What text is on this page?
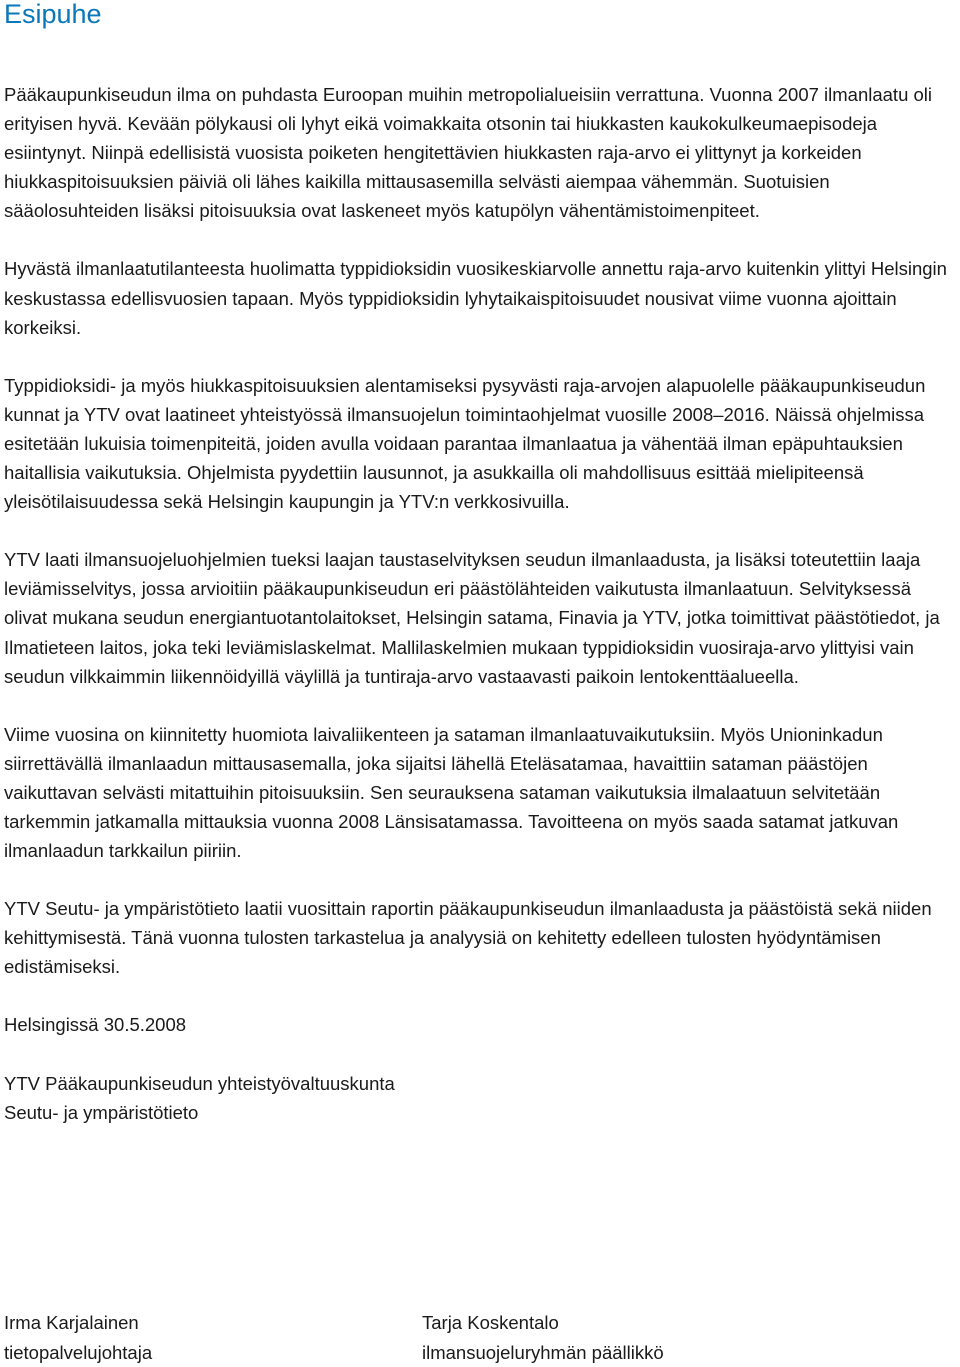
Esipuhe

Pääkaupunkiseudun ilma on puhdasta Euroopan muihin metropolialueisiin verrattuna. Vuonna 2007 ilmanlaatu oli erityisen hyvä. Kevään pölykausi oli lyhyt eikä voimakkaita otsonin tai hiukkasten kaukokulkeumaepisodeja esiintynyt. Niinpä edellisistä vuosista poiketen hengitettävien hiukkasten raja-arvo ei ylittynyt ja korkeiden hiukkaspitoisuuksien päiviä oli lähes kaikilla mittausasemilla selvästi aiempaa vähemmän. Suotuisien sääolosuhteiden lisäksi pitoisuuksia ovat laskeneet myös katupölyn vähentämistoimenpiteet.

Hyvästä ilmanlaatutilanteesta huolimatta typpidioksidin vuosikeskiarvolle annettu raja-arvo kuitenkin ylittyi Helsingin keskustassa edellisvuosien tapaan. Myös typpidioksidin lyhytaikaispitoisuudet nousivat viime vuonna ajoittain korkeiksi.

Typpidioksidi- ja myös hiukkaspitoisuuksien alentamiseksi pysyvästi raja-arvojen alapuolelle pääkaupunkiseudun kunnat ja YTV ovat laatineet yhteistyössä ilmansuojelun toimintaohjelmat vuosille 2008–2016. Näissä ohjelmissa esitetään lukuisia toimenpiteitä, joiden avulla voidaan parantaa ilmanlaatua ja vähentää ilman epäpuhtauksien haitallisia vaikutuksia. Ohjelmista pyydettiin lausunnot, ja asukkailla oli mahdollisuus esittää mielipiteensä yleisötilaisuudessa sekä Helsingin kaupungin ja YTV:n verkkosivuilla.

YTV laati ilmansuojeluohjelmien tueksi laajan taustaselvityksen seudun ilmanlaadusta, ja lisäksi toteutettiin laaja leviämisselvitys, jossa arvioitiin pääkaupunkiseudun eri päästölähteiden vaikutusta ilmanlaatuun. Selvityksessä olivat mukana seudun energiantuotantolaitokset, Helsingin satama, Finavia ja YTV, jotka toimittivat päästötiedot, ja Ilmatieteen laitos, joka teki leviämislaskelmat. Mallilaskelmien mukaan typpidioksidin vuosiraja-arvo ylittyisi vain seudun vilkkaimmin liikennöidyillä väylillä ja tuntiraja-arvo vastaavasti paikoin lentokenttäalueella.

Viime vuosina on kiinnitetty huomiota laivaliikenteen ja sataman ilmanlaatuvaikutuksiin. Myös Unioninkadun siirrettävällä ilmanlaadun mittausasemalla, joka sijaitsi lähellä Eteläsatamaa, havaittiin sataman päästöjen vaikuttavan selvästi mitattuihin pitoisuuksiin. Sen seurauksena sataman vaikutuksia ilmalaatuun selvitetään tarkemmin jatkamalla mittauksia vuonna 2008 Länsisatamassa. Tavoitteena on myös saada satamat jatkuvan ilmanlaadun tarkkailun piiriin.

YTV Seutu- ja ympäristötieto laatii vuosittain raportin pääkaupunkiseudun ilmanlaadusta ja päästöistä sekä niiden kehittymisestä. Tänä vuonna tulosten tarkastelua ja analyysiä on kehitetty edelleen tulosten hyödyntämisen edistämiseksi.

Helsingissä 30.5.2008

YTV Pääkaupunkiseudun yhteistyövaltuuskunta

Seutu- ja ympäristötieto

Irma Karjalainen
tietopalvelujohtaja
Tarja Koskentalo
ilmansuojeluryhmän päällikkö
